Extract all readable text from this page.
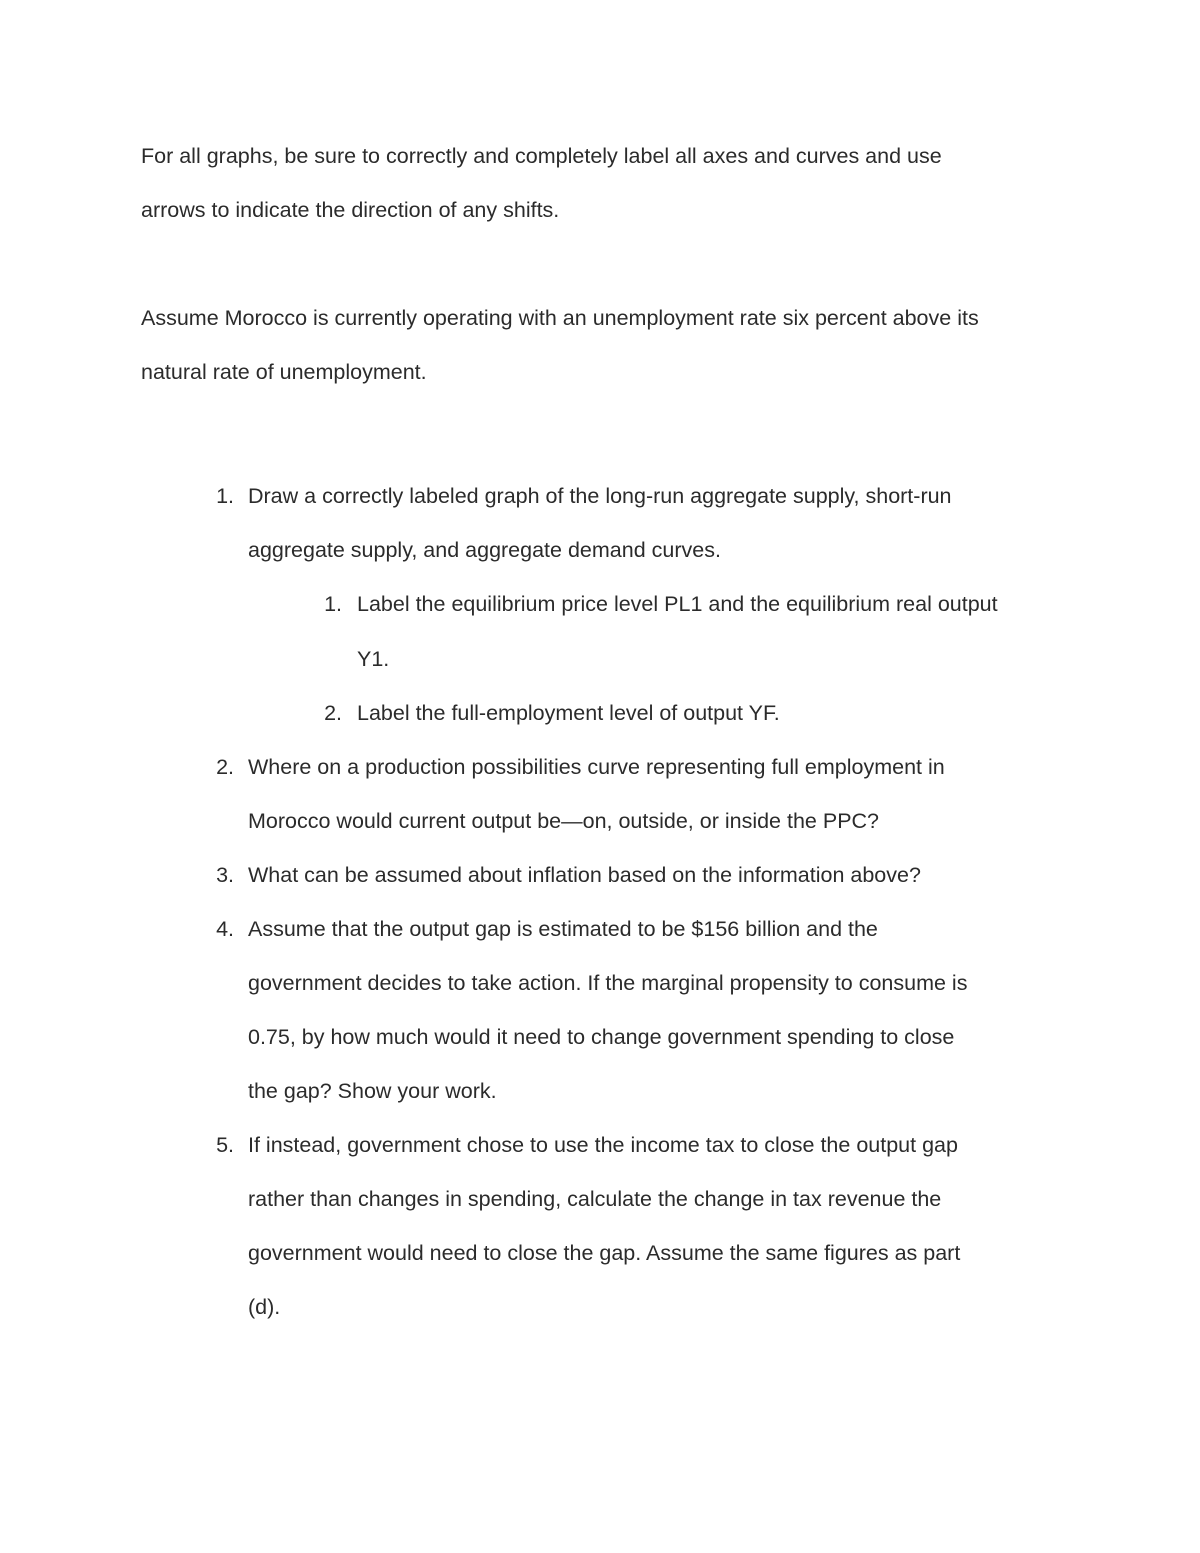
For all graphs, be sure to correctly and completely label all axes and curves and use
arrows to indicate the direction of any shifts.
Assume Morocco is currently operating with an unemployment rate six percent above its
natural rate of unemployment.
1. Draw a correctly labeled graph of the long-run aggregate supply, short-run
aggregate supply, and aggregate demand curves.
1. Label the equilibrium price level PL1 and the equilibrium real output
Y1.
2. Label the full-employment level of output YF.
2. Where on a production possibilities curve representing full employment in
Morocco would current output be—on, outside, or inside the PPC?
3. What can be assumed about inflation based on the information above?
4. Assume that the output gap is estimated to be $156 billion and the
government decides to take action. If the marginal propensity to consume is
0.75, by how much would it need to change government spending to close
the gap? Show your work.
5. If instead, government chose to use the income tax to close the output gap
rather than changes in spending, calculate the change in tax revenue the
government would need to close the gap. Assume the same figures as part
(d).
